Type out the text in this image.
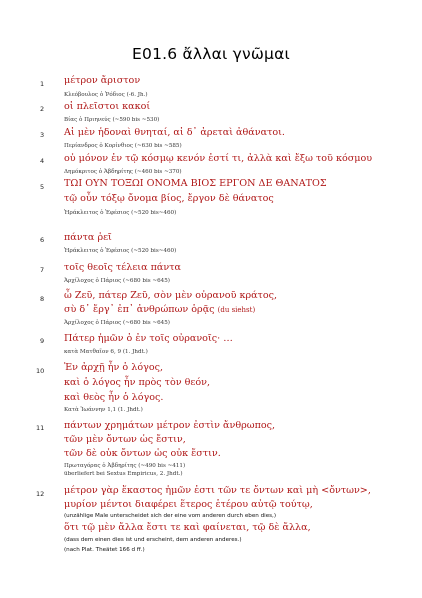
E01.6 ἄλλαι γνῶμαι
1 μέτρον ἄριστον
Κλεόβουλος ὁ Ῥόδιος (-6. Jh.)
2 οἱ πλεῖστοι κακοί
Βίας ὁ Πριηνεύς (~590 bis ~530)
3 Αἱ μὲν ἡδοναὶ θνηταί, αἱ δ᾽ ἀρεταὶ ἀθάνατοι.
Περίανδρος ὁ Κορίνθιος (~630 bis ~585)
4 οὐ μόνον ἐν τῷ κόσμῳ κενόν ἐστί τι, ἀλλὰ καὶ ἔξω τοῦ κόσμου
Δημόκριτος ὁ Ἀβδηρίτης (~460 bis ~370)
5 ΤΩΙ ΟΥΝ ΤΟΞΩΙ ΟΝΟΜΑ ΒΙΟΣ ΕΡΓΟΝ ΔΕ ΘΑΝΑΤΟΣ
τῷ οὖν τόξῳ ὄνομα βίος, ἔργον δὲ θάνατος
Ἡράκλειτος ὁ Ἐφέσιος (~520 bis~460)
6 πάντα ῥεῖ
Ἡράκλειτος ὁ Ἐφέσιος (~520 bis~460)
7 τοῖς θεοῖς τέλεια πάντα
Ἀρχίλοχος ὁ Πάριος (~680 bis ~645)
8 ὦ Ζεῦ, πάτερ Ζεῦ, σὸν μὲν οὐρανοῦ κράτος,
σὺ δ᾽ ἔργ᾽ ἐπ᾽ ἀνθρώπων ὁρᾷς (du siehst)
Ἀρχίλοχος ὁ Πάριος (~680 bis ~645)
9 Πάτερ ἡμῶν ὁ ἐν τοῖς οὐρανοῖς· …
κατὰ Ματθαῖον 6, 9 (1. Jhdt.)
10 Ἐν ἀρχῇ ἦν ὁ λόγος,
καὶ ὁ λόγος ἦν πρὸς τὸν θεόν,
καὶ θεὸς ἦν ὁ λόγος.
Κατὰ Ἰωάννην 1,1 (1. Jhdt.)
11 πάντων χρημάτων μέτρον ἐστὶν ἄνθρωπος,
τῶν μὲν ὄντων ὡς ἔστιν,
τῶν δὲ οὐκ ὄντων ὡς οὐκ ἔστιν.
Πρωταγόρας ὁ Ἀβδηρίτης (~490 bis ~411)
überliefert bei Sextus Empiricus, 2. Jhdt.)
12 μέτρον γὰρ ἕκαστος ἡμῶν ἐστι τῶν τε ὄντων καὶ μὴ <ὄντων>,
μυρίον μέντοι διαφέρει ἕτερος ἑτέρου αὐτῷ τούτῳ,
(unzählige Male unterscheidet sich der eine vom anderen durch eben dies,)
ὅτι τῷ μὲν ἄλλα ἔστι τε καὶ φαίνεται, τῷ δὲ ἄλλα,
(dass dem einen dies ist und erscheint, dem anderen anderes.)
(nach Plat. Theätet 166 d ff.)
